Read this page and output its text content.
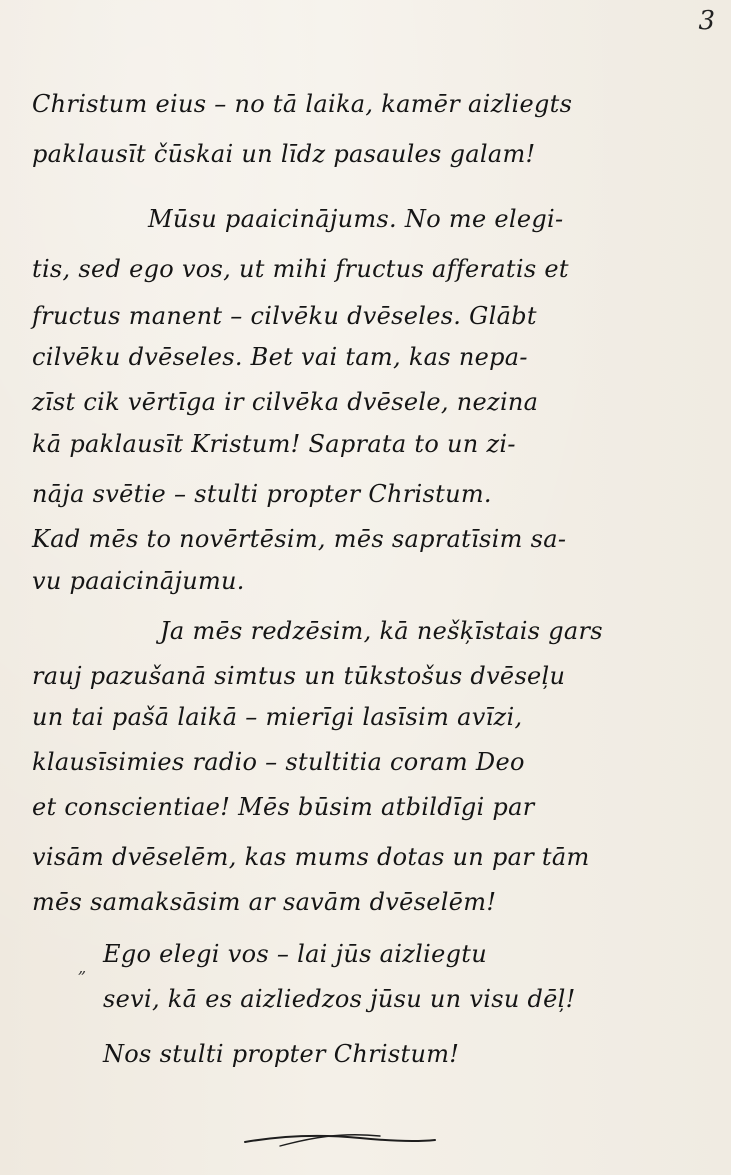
3
Christum eius – no tā laika, kamēr aizliegts
paklausīt čūskai un līdz pasaules galam!
Mūsu paaicinājums. No me elegi-
tis, sed ego vos, ut mihi fructus afferatis et
fructus manent – cilvēku dvēseles. Glābt
cilvēku dvēseles. Bet vai tam, kas nepa-
zīst cik vērtīga ir cilvēka dvēsele, nezina
kā paklausīt Kristum! Saprata to un zi-
nāja svētie – stulti propter Christum.
Kad mēs to novērtēsim, mēs sapratīsim sa-
vu paaicinājumu.
Ja mēs redzēsim, kā nešķīstais gars
rauj pazušanā simtus un tūkstošus dvēseļu
un tai pašā laikā – mierīgi lasīsim avīzi,
klausīsimies radio – stultitia coram Deo
et conscientiae! Mēs būsim atbildīgi par
visām dvēselēm, kas mums dotas un par tām
mēs samaksāsim ar savām dvēselēm!
„ Ego elegi vos – lai jūs aizliegtu
sevi, kā es aizliedzos jūsu un visu dēļ!
Nos stulti propter Christum!
